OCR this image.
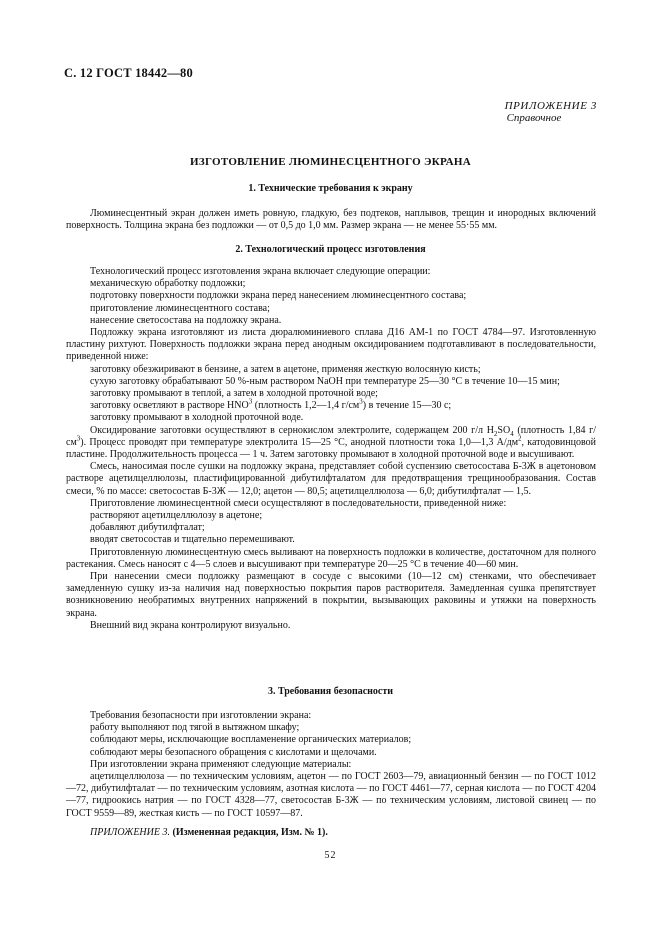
С. 12 ГОСТ 18442—80
ПРИЛОЖЕНИЕ 3
Справочное
ИЗГОТОВЛЕНИЕ ЛЮМИНЕСЦЕНТНОГО ЭКРАНА
1. Технические требования к экрану

Люминесцентный экран должен иметь ровную, гладкую, без подтеков, наплывов, трещин и инородных включений поверхность. Толщина экрана без подложки — от 0,5 до 1,0 мм. Размер экрана — не менее 55·55 мм.

2. Технологический процесс изготовления

Технологический процесс изготовления экрана включает следующие операции:

механическую обработку подложки;

подготовку поверхности подложки экрана перед нанесением люминесцентного состава;

приготовление люминесцентного состава;

нанесение светосостава на подложку экрана.

Подложку экрана изготовляют из листа дюралюминиевого сплава Д16 АМ-1 по ГОСТ 4784—97. Изготовленную пластину рихтуют. Поверхность подложки экрана перед анодным оксидированием подготавливают в последовательности, приведенной ниже:

заготовку обезжиривают в бензине, а затем в ацетоне, применяя жесткую волосяную кисть;

сухую заготовку обрабатывают 50 %-ным раствором NaOH при температуре 25—30 °С в течение 10—15 мин;

заготовку промывают в теплой, а затем в холодной проточной воде;

заготовку осветляют в растворе HNO$^3$ (плотность 1,2—1,4 $г/см^3$) в течение 15—30 с;

заготовку промывают в холодной проточной воде.

Оксидирование заготовки осуществляют в сернокислом электролите, содержащем 200 г/л $H_2SO_4$ (плотность 1,84 $г/см^3$). Процесс проводят при температуре электролита 15—25 °С, анодной плотности тока 1,0—1,3 $А/дм^2$, катодовинцовой пластине. Продолжительность процесса — 1 ч. Затем заготовку промывают в холодной проточной воде и высушивают.

Смесь, наносимая после сушки на подложку экрана, представляет собой суспензию светосостава Б-3Ж в ацетоновом растворе ацетилцеллюлозы, пластифицированной дибутилфталатом для предотвращения трещинообразования. Состав смеси, % по массе: светосостав Б-3Ж — 12,0; ацетон — 80,5; ацетилцеллюлоза — 6,0; дибутилфталат — 1,5.

Приготовление люминесцентной смеси осуществляют в последовательности, приведенной ниже:

растворяют ацетилцеллюлозу в ацетоне;

добавляют дибутилфталат;

вводят светосостав и тщательно перемешивают.

Приготовленную люминесцентную смесь выливают на поверхность подложки в количестве, достаточном для полного растекания. Смесь наносят с 4—5 слоев и высушивают при температуре 20—25 °С в течение 40—60 мин.

При нанесении смеси подложку размещают в сосуде с высокими (10—12 см) стенками, что обеспечивает замедленную сушку из-за наличия над поверхностью покрытия паров растворителя. Замедленная сушка препятствует возникновению необратимых внутренних напряжений в покрытии, вызывающих раковины и утяжки на поверхность экрана.

Внешний вид экрана контролируют визуально.

3. Требования безопасности

Требования безопасности при изготовлении экрана:

работу выполняют под тягой в вытяжном шкафу;

соблюдают меры, исключающие воспламенение органических материалов;

соблюдают меры безопасного обращения с кислотами и щелочами.

При изготовлении экрана применяют следующие материалы:

ацетилцеллюлоза — по техническим условиям, ацетон — по ГОСТ 2603—79, авиационный бензин — по ГОСТ 1012—72, дибутилфталат — по техническим условиям, азотная кислота — по ГОСТ 4461—77, серная кислота — по ГОСТ 4204—77, гидроокись натрия — по ГОСТ 4328—77, светосостав Б-3Ж — по техническим условиям, листовой свинец — по ГОСТ 9559—89, жесткая кисть — по ГОСТ 10597—87.

ПРИЛОЖЕНИЕ 3. (Измененная редакция, Изм. № 1).
52
